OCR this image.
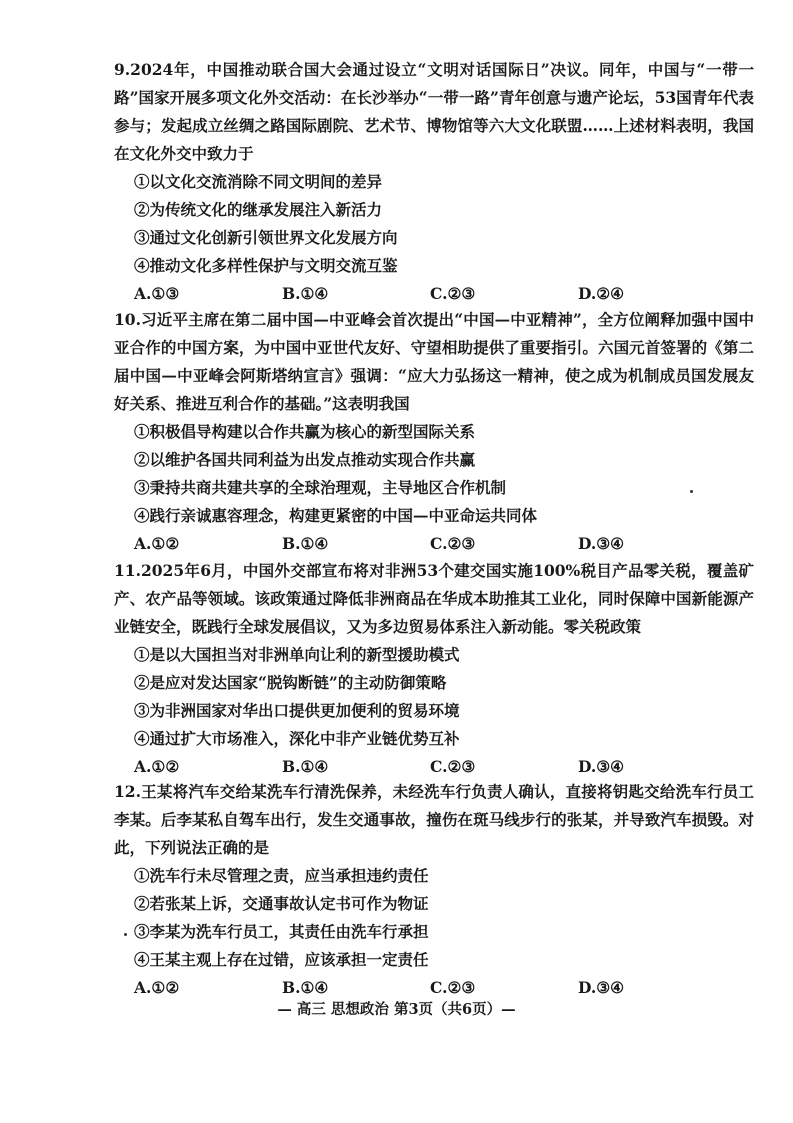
9.2024年，中国推动联合国大会通过设立“文明对话国际日”决议。同年，中国与“一带一路”国家开展多项文化外交活动：在长沙举办“一带一路”青年创意与遗产论坛，53国青年代表参与；发起成立丝绸之路国际剧院、艺术节、博物馆等六大文化联盟……上述材料表明，我国在文化外交中致力于

①以文化交流消除不同文明间的差异

②为传统文化的继承发展注入新活力

③通过文化创新引领世界文化发展方向

④推动文化多样性保护与文明交流互鉴

A.①③	B.①④	C.②③	D.②④

10.习近平主席在第二届中国—中亚峰会首次提出“中国—中亚精神”，全方位阐释加强中国中亚合作的中国方案，为中国中亚世代友好、守望相助提供了重要指引。六国元首签署的《第二届中国—中亚峰会阿斯塔纳宣言》强调：“应大力弘扬这一精神，使之成为机制成员国发展友好关系、推进互利合作的基础。”这表明我国

①积极倡导构建以合作共赢为核心的新型国际关系

②以维护各国共同利益为出发点推动实现合作共赢

③秉持共商共建共享的全球治理观，主导地区合作机制

④践行亲诚惠容理念，构建更紧密的中国—中亚命运共同体

A.①②	B.①④	C.②③	D.③④

11.2025年6月，中国外交部宣布将对非洲53个建交国实施100%税目产品零关税，覆盖矿产、农产品等领域。该政策通过降低非洲商品在华成本助推其工业化，同时保障中国新能源产业链安全，既践行全球发展倡议，又为多边贸易体系注入新动能。零关税政策

①是以大国担当对非洲单向让利的新型援助模式

②是应对发达国家“脱钩断链”的主动防御策略

③为非洲国家对华出口提供更加便利的贸易环境

④通过扩大市场准入，深化中非产业链优势互补

A.①②	B.①④	C.②③	D.③④

12.王某将汽车交给某洗车行清洗保养，未经洗车行负责人确认，直接将钥匙交给洗车行员工李某。后李某私自驾车出行，发生交通事故，撞伤在斑马线步行的张某，并导致汽车损毁。对此，下列说法正确的是

①洗车行未尽管理之责，应当承担违约责任

②若张某上诉，交通事故认定书可作为物证

③李某为洗车行员工，其责任由洗车行承担

④王某主观上存在过错，应该承担一定责任

A.①②	B.①④	C.②③	D.③④
— 高三 思想政治 第3页（共6页）—
